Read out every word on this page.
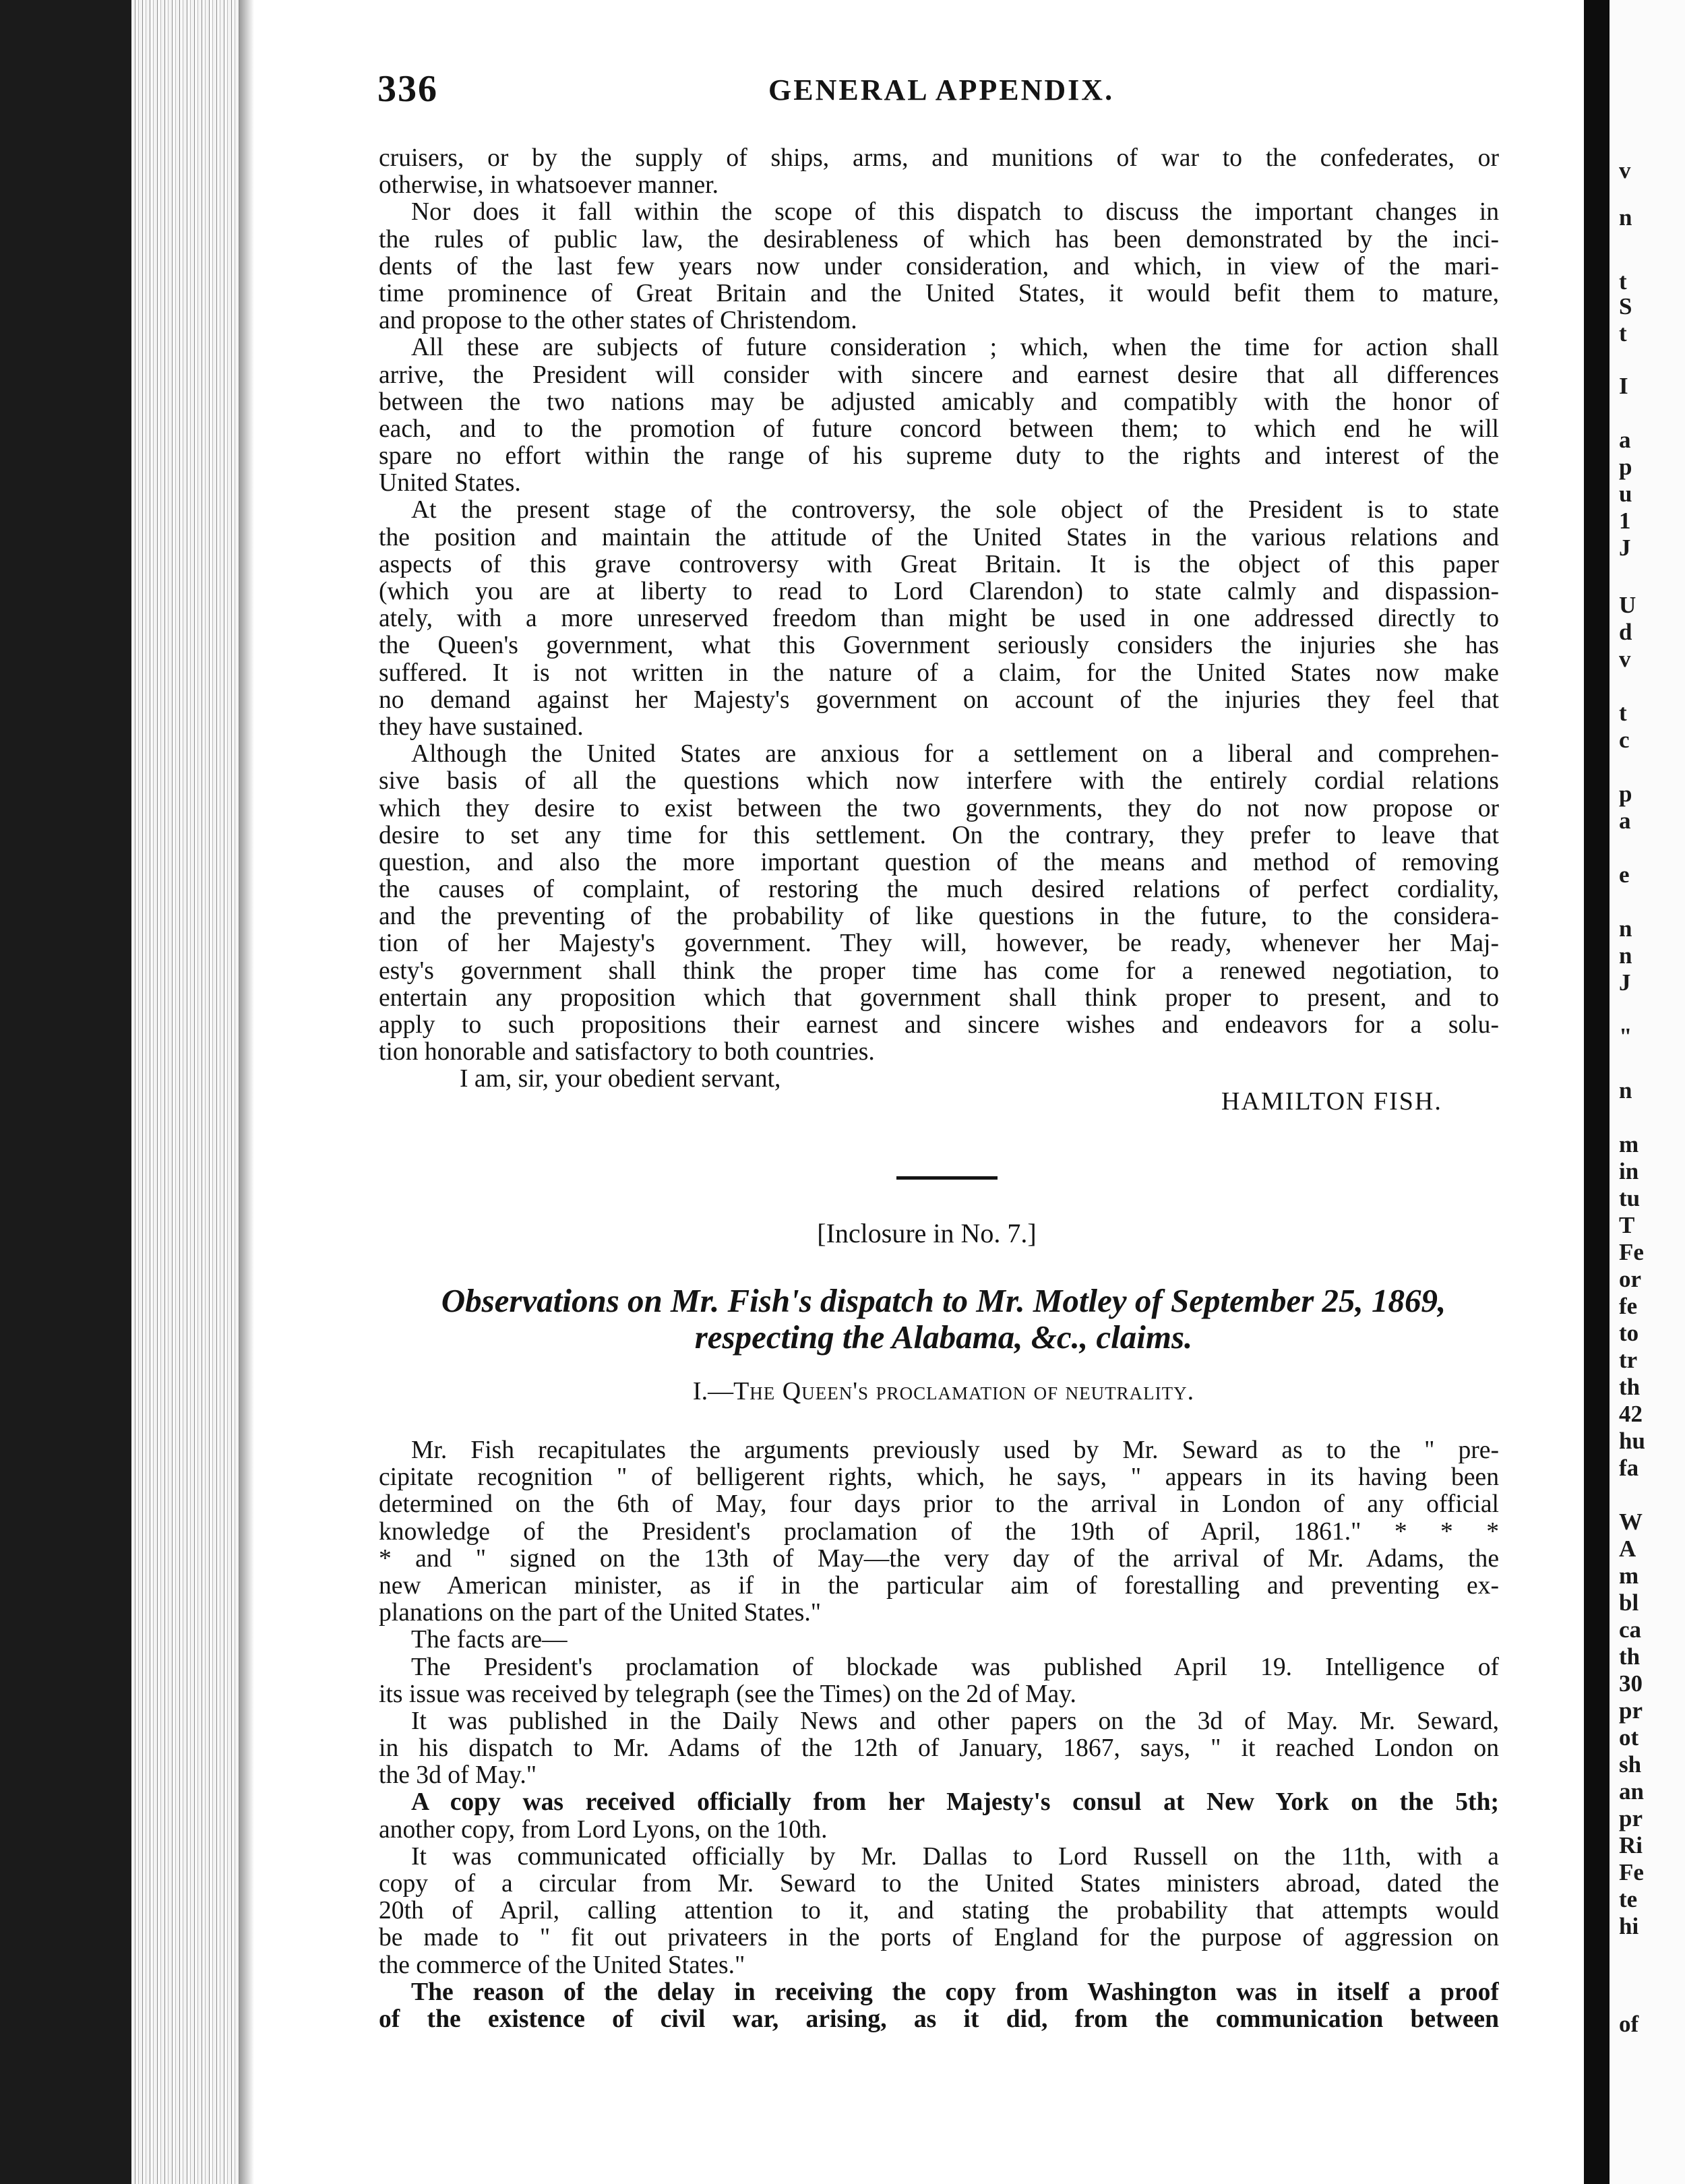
v
n
t
S
t
I
a
p
u
1
J
U
d
v
t
c
p
a
e
n
n
J
"
n
m
in
tu
T
Fe
or
fe
to
tr
th
42
hu
fa
W
A
m
bl
ca
th
30
pr
ot
sh
an
pr
Ri
Fe
te
hi
of
336	GENERAL APPENDIX.
cruisers, or by the supply of ships, arms, and munitions of war to the confederates, or
otherwise, in whatsoever manner.
Nor does it fall within the scope of this dispatch to discuss the important changes in
the rules of public law, the desirableness of which has been demonstrated by the inci-
dents of the last few years now under consideration, and which, in view of the mari-
time prominence of Great Britain and the United States, it would befit them to mature,
and propose to the other states of Christendom.
All these are subjects of future consideration ; which, when the time for action shall
arrive, the President will consider with sincere and earnest desire that all differences
between the two nations may be adjusted amicably and compatibly with the honor of
each, and to the promotion of future concord between them; to which end he will
spare no effort within the range of his supreme duty to the rights and interest of the
United States.
At the present stage of the controversy, the sole object of the President is to state
the position and maintain the attitude of the United States in the various relations and
aspects of this grave controversy with Great Britain. It is the object of this paper
(which you are at liberty to read to Lord Clarendon) to state calmly and dispassion-
ately, with a more unreserved freedom than might be used in one addressed directly to
the Queen's government, what this Government seriously considers the injuries she has
suffered. It is not written in the nature of a claim, for the United States now make
no demand against her Majesty's government on account of the injuries they feel that
they have sustained.
Although the United States are anxious for a settlement on a liberal and comprehen-
sive basis of all the questions which now interfere with the entirely cordial relations
which they desire to exist between the two governments, they do not now propose or
desire to set any time for this settlement. On the contrary, they prefer to leave that
question, and also the more important question of the means and method of removing
the causes of complaint, of restoring the much desired relations of perfect cordiality,
and the preventing of the probability of like questions in the future, to the considera-
tion of her Majesty's government. They will, however, be ready, whenever her Maj-
esty's government shall think the proper time has come for a renewed negotiation, to
entertain any proposition which that government shall think proper to present, and to
apply to such propositions their earnest and sincere wishes and endeavors for a solu-
tion honorable and satisfactory to both countries.
I am, sir, your obedient servant,
HAMILTON FISH.
[Inclosure in No. 7.]
Observations on Mr. Fish's dispatch to Mr. Motley of September 25, 1869,
respecting the Alabama, &c., claims.
I.—The Queen's proclamation of neutrality.
Mr. Fish recapitulates the arguments previously used by Mr. Seward as to the " pre-
cipitate recognition " of belligerent rights, which, he says, " appears in its having been
determined on the 6th of May, four days prior to the arrival in London of any official
knowledge of the President's proclamation of the 19th of April, 1861." * * *
* and " signed on the 13th of May—the very day of the arrival of Mr. Adams, the
new American minister, as if in the particular aim of forestalling and preventing ex-
planations on the part of the United States."
The facts are—
The President's proclamation of blockade was published April 19. Intelligence of
its issue was received by telegraph (see the Times) on the 2d of May.
It was published in the Daily News and other papers on the 3d of May. Mr. Seward,
in his dispatch to Mr. Adams of the 12th of January, 1867, says, " it reached London on
the 3d of May."
A copy was received officially from her Majesty's consul at New York on the 5th;
another copy, from Lord Lyons, on the 10th.
It was communicated officially by Mr. Dallas to Lord Russell on the 11th, with a
copy of a circular from Mr. Seward to the United States ministers abroad, dated the
20th of April, calling attention to it, and stating the probability that attempts would
be made to " fit out privateers in the ports of England for the purpose of aggression on
the commerce of the United States."
The reason of the delay in receiving the copy from Washington was in itself a proof
of the existence of civil war, arising, as it did, from the communication between
